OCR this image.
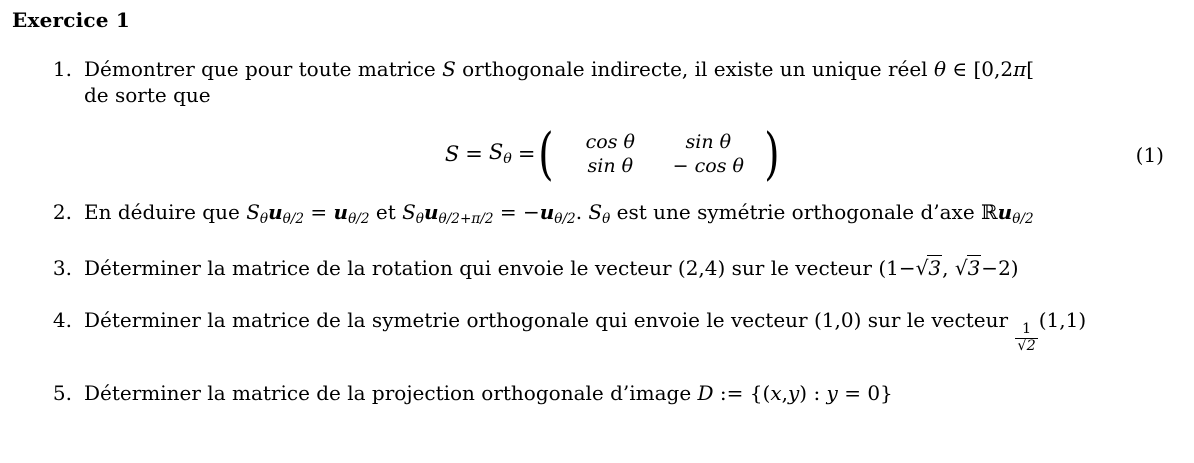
Exercice 1
1. Démontrer que pour toute matrice S orthogonale indirecte, il existe un unique réel θ ∈ [0,2π[
de sorte que
$S = S_\theta$ = (	cos θ	sin θ
sin θ	− cos θ )	(1)
2. En déduire que $S_\theta u_{\theta/2} = u_{\theta/2}$ et $S_\theta u_{\theta/2+\pi/2} = -u_{\theta/2}$. $S_\theta$ est une symétrie orthogonale d’axe ℝu$_{\theta/2}$
3. Déterminer la matrice de la rotation qui envoie le vecteur (2,4) sur le vecteur (1−√3, √3−2)
4. Déterminer la matrice de la symetrie orthogonale qui envoie le vecteur (1,0) sur le vecteur
$\frac{1}{√2}$
(1,1)
5. Déterminer la matrice de la projection orthogonale d’image D := {(x,y) : y = 0}
